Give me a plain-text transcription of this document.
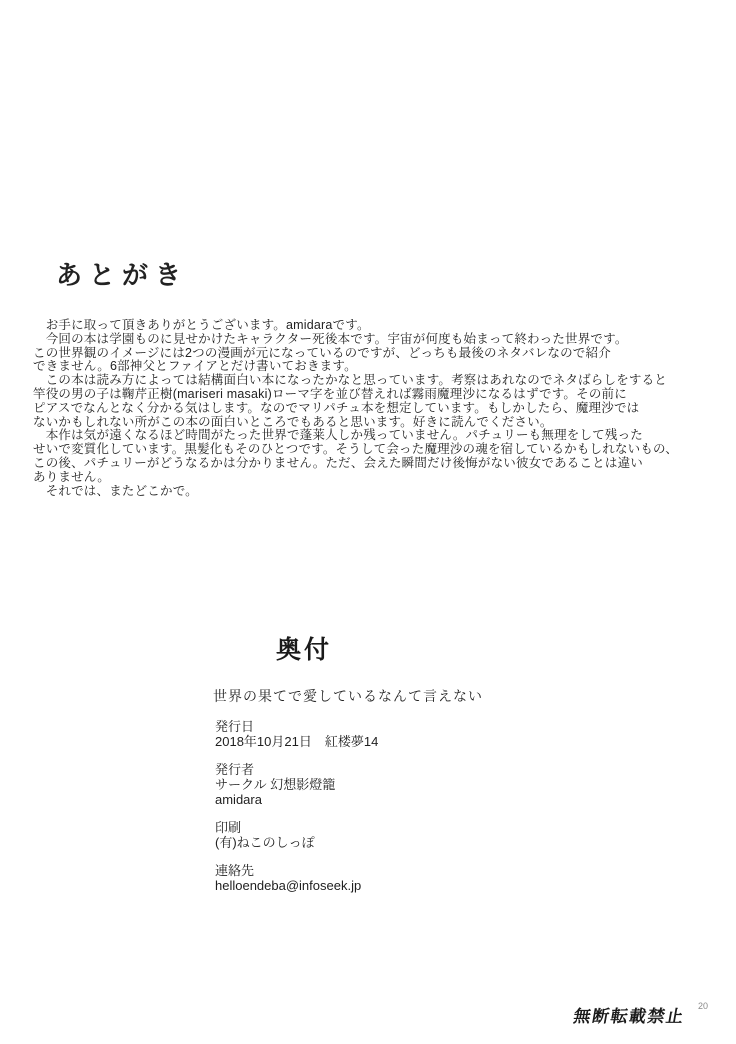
あとがき
　お手に取って頂きありがとうございます。amidaraです。
　今回の本は学園ものに見せかけたキャラクター死後本です。宇宙が何度も始まって終わった世界です。
この世界観のイメージには2つの漫画が元になっているのですが、どっちも最後のネタバレなので紹介
できません。6部神父とファイアとだけ書いておきます。
　この本は読み方によっては結構面白い本になったかなと思っています。考察はあれなのでネタばらしをすると
竿役の男の子は鞠芹正樹(mariseri masaki)ローマ字を並び替えれば霧雨魔理沙になるはずです。その前に
ピアスでなんとなく分かる気はします。なのでマリパチュ本を想定しています。もしかしたら、魔理沙では
ないかもしれない所がこの本の面白いところでもあると思います。好きに読んでください。
　本作は気が遠くなるほど時間がたった世界で蓬莱人しか残っていません。パチュリーも無理をして残った
せいで変質化しています。黒髪化もそのひとつです。そうして会った魔理沙の魂を宿しているかもしれないもの、
この後、パチュリーがどうなるかは分かりません。ただ、会えた瞬間だけ後悔がない彼女であることは違い
ありません。
　それでは、またどこかで。
奥付
世界の果てで愛しているなんて言えない
発行日
2018年10月21日　紅楼夢14
発行者
サークル 幻想影燈籠
amidara
印刷
(有)ねこのしっぽ
連絡先
helloendeba@infoseek.jp
無断転載禁止
20
